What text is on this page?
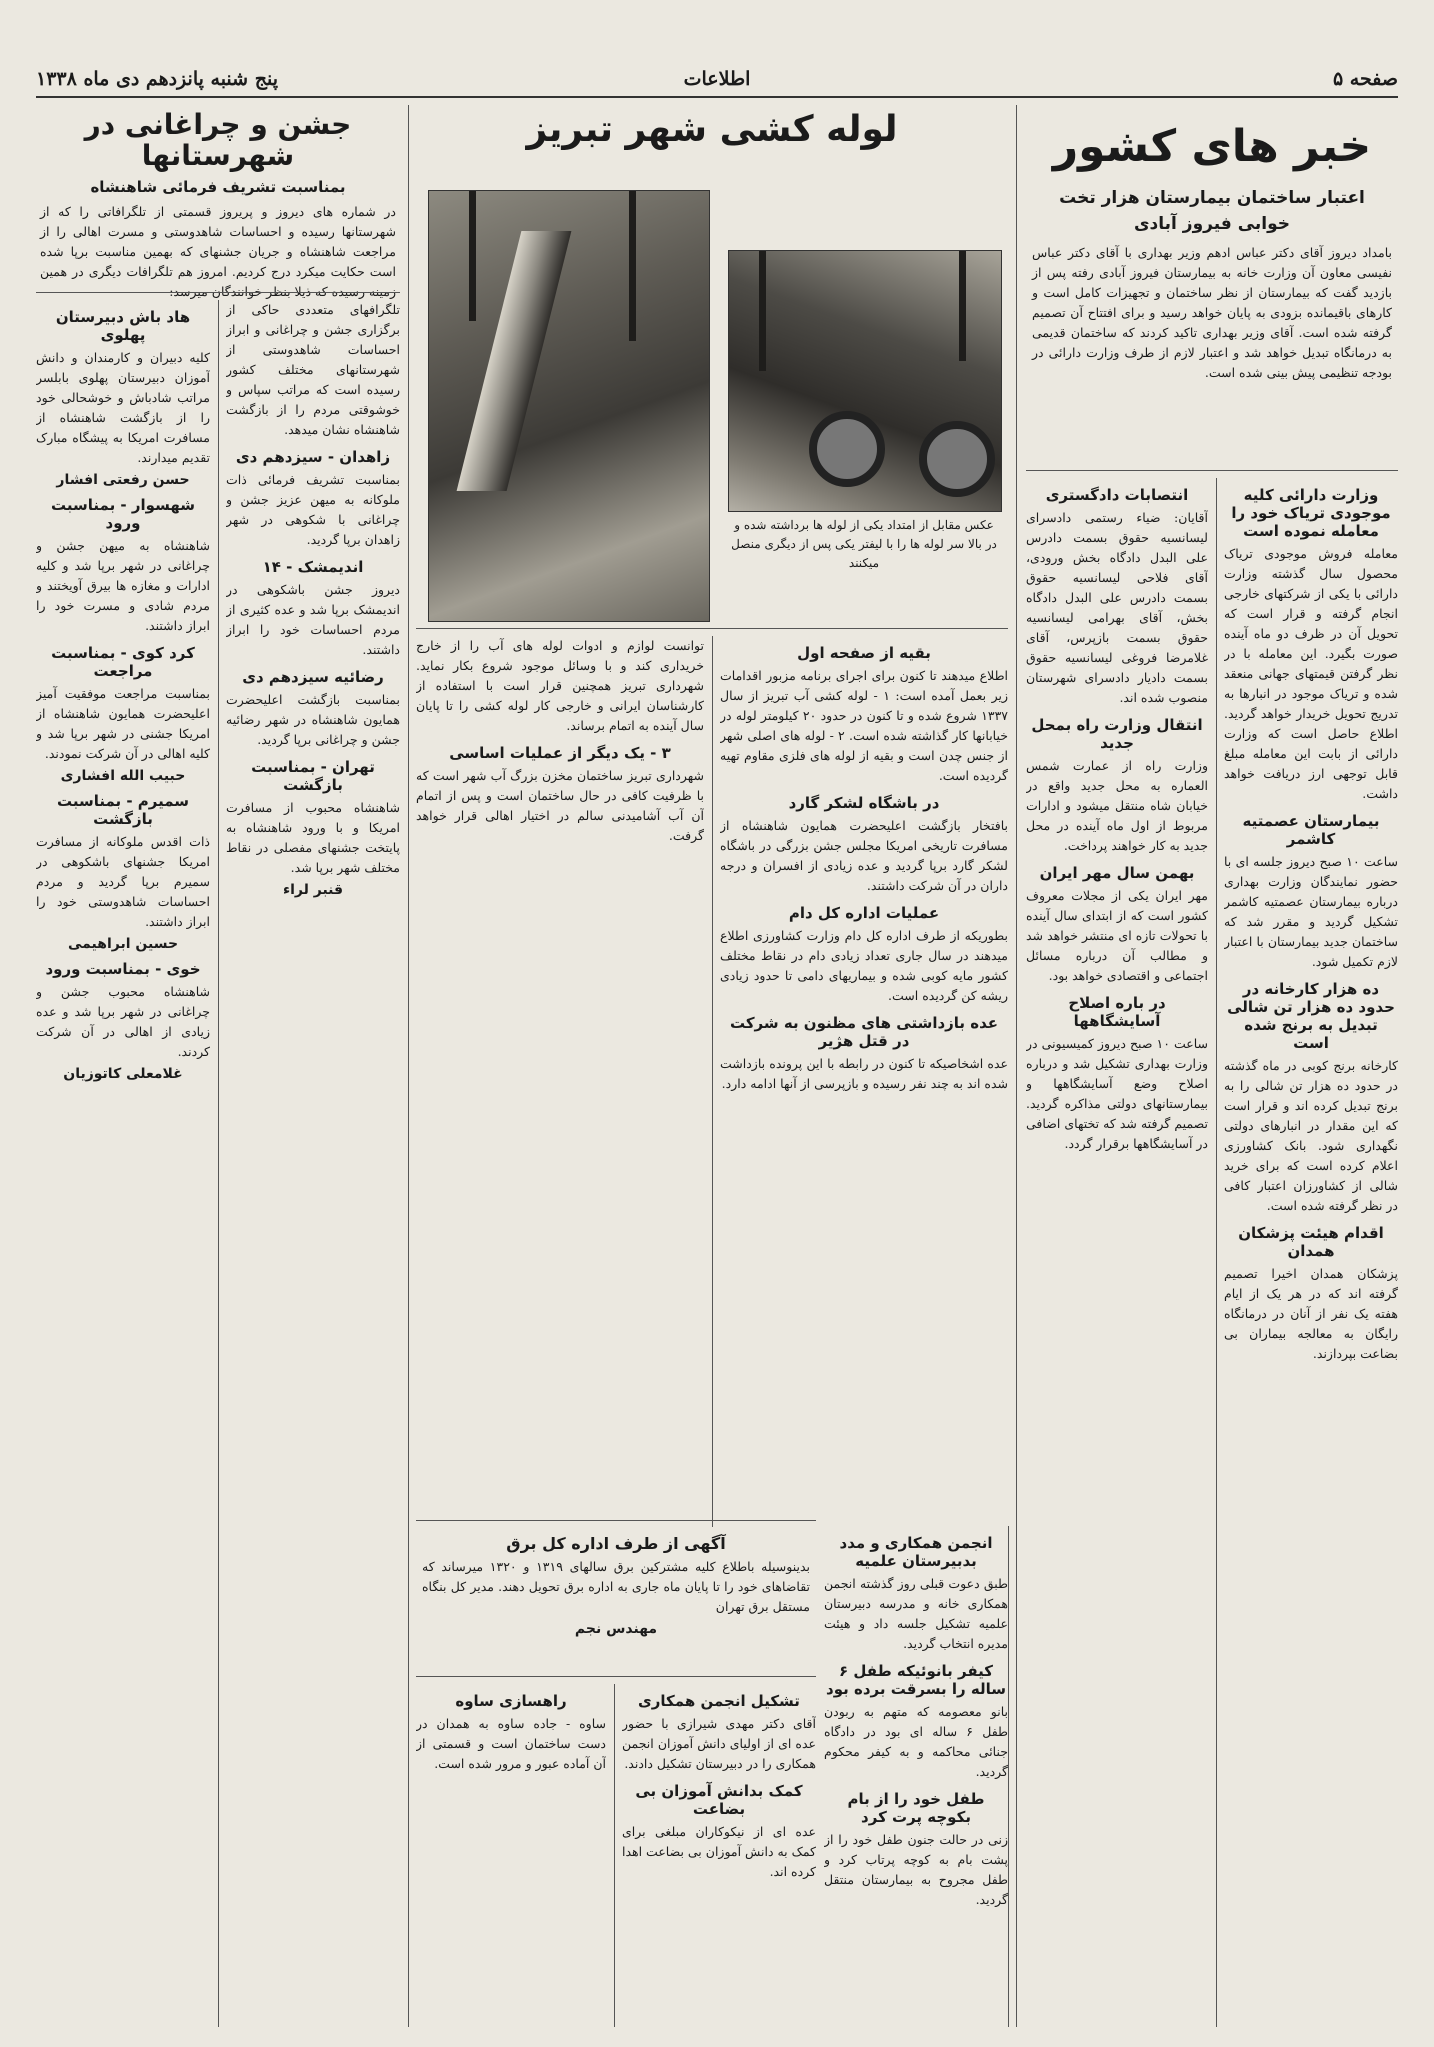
صفحه ۵
اطلاعات
پنج شنبه پانزدهم دی ماه ۱۳۳۸
خبر های کشور
اعتبار ساختمان بیمارستان هزار تخت خوابی فیروز آبادی
بامداد دیروز آقای دکتر عباس ادهم وزیر بهداری با آقای دکتر عباس نفیسی معاون آن وزارت خانه به بیمارستان فیروز آبادی رفته پس از بازدید گفت که بیمارستان از نظر ساختمان و تجهیزات کامل است و کارهای باقیمانده بزودی به پایان خواهد رسید و برای افتتاح آن تصمیم گرفته شده است. آقای وزیر بهداری تاکید کردند که ساختمان قدیمی به درمانگاه تبدیل خواهد شد و اعتبار لازم از طرف وزارت دارائی در بودجه تنظیمی پیش بینی شده است.
وزارت دارائی کلیه موجودی تریاک خود را معامله نموده است
معامله فروش موجودی تریاک محصول سال گذشته وزارت دارائی با یکی از شرکتهای خارجی انجام گرفته و قرار است که تحویل آن در ظرف دو ماه آینده صورت بگیرد. این معامله با در نظر گرفتن قیمتهای جهانی منعقد شده و تریاک موجود در انبارها به تدریج تحویل خریدار خواهد گردید. اطلاع حاصل است که وزارت دارائی از بابت این معامله مبلغ قابل توجهی ارز دریافت خواهد داشت.
بیمارستان عصمتیه کاشمر
ساعت ۱۰ صبح دیروز جلسه ای با حضور نمایندگان وزارت بهداری درباره بیمارستان عصمتیه کاشمر تشکیل گردید و مقرر شد که ساختمان جدید بیمارستان با اعتبار لازم تکمیل شود.
ده هزار کارخانه در حدود ده هزار تن شالی تبدیل به برنج شده است
کارخانه برنج کوبی در ماه گذشته در حدود ده هزار تن شالی را به برنج تبدیل کرده اند و قرار است که این مقدار در انبارهای دولتی نگهداری شود. بانک کشاورزی اعلام کرده است که برای خرید شالی از کشاورزان اعتبار کافی در نظر گرفته شده است.
اقدام هیئت پزشکان همدان
پزشکان همدان اخیرا تصمیم گرفته اند که در هر یک از ایام هفته یک نفر از آنان در درمانگاه رایگان به معالجه بیماران بی بضاعت بپردازند.
انتصابات دادگستری
آقایان: ضیاء رستمی دادسرای لیسانسیه حقوق بسمت دادرس علی البدل دادگاه بخش ورودی، آقای فلاحی لیسانسیه حقوق بسمت دادرس علی البدل دادگاه بخش، آقای بهرامی لیسانسیه حقوق بسمت بازپرس، آقای غلامرضا فروغی لیسانسیه حقوق بسمت دادیار دادسرای شهرستان منصوب شده اند.
انتقال وزارت راه بمحل جدید
وزارت راه از عمارت شمس العماره به محل جدید واقع در خیابان شاه منتقل میشود و ادارات مربوط از اول ماه آینده در محل جدید به کار خواهند پرداخت.
بهمن سال مهر ایران
مهر ایران یکی از مجلات معروف کشور است که از ابتدای سال آینده با تحولات تازه ای منتشر خواهد شد و مطالب آن درباره مسائل اجتماعی و اقتصادی خواهد بود.
در باره اصلاح آسایشگاهها
ساعت ۱۰ صبح دیروز کمیسیونی در وزارت بهداری تشکیل شد و درباره اصلاح وضع آسایشگاهها و بیمارستانهای دولتی مذاکره گردید. تصمیم گرفته شد که تختهای اضافی در آسایشگاهها برقرار گردد.
لوله کشی شهر تبریز
عکس مقابل از امتداد یکی از لوله ها برداشته شده و در بالا سر لوله ها را با لیفتر یکی پس از دیگری منصل میکنند
بقیه از صفحه اول
اطلاع میدهند تا کنون برای اجرای برنامه مزبور اقدامات زیر بعمل آمده است: ۱ - لوله کشی آب تبریز از سال ۱۳۳۷ شروع شده و تا کنون در حدود ۲۰ کیلومتر لوله در خیابانها کار گذاشته شده است. ۲ - لوله های اصلی شهر از جنس چدن است و بقیه از لوله های فلزی مقاوم تهیه گردیده است.
در باشگاه لشکر گارد
بافتخار بازگشت اعلیحضرت همایون شاهنشاه از مسافرت تاریخی امریکا مجلس جشن بزرگی در باشگاه لشکر گارد برپا گردید و عده زیادی از افسران و درجه داران در آن شرکت داشتند.
عملیات اداره کل دام
بطوریکه از طرف اداره کل دام وزارت کشاورزی اطلاع میدهند در سال جاری تعداد زیادی دام در نقاط مختلف کشور مایه کوبی شده و بیماریهای دامی تا حدود زیادی ریشه کن گردیده است.
عده بازداشتی های مظنون به شرکت در قتل هژیر
عده اشخاصیکه تا کنون در رابطه با این پرونده بازداشت شده اند به چند نفر رسیده و بازپرسی از آنها ادامه دارد.
توانست لوازم و ادوات لوله های آب را از خارج خریداری کند و با وسائل موجود شروع بکار نماید. شهرداری تبریز همچنین قرار است با استفاده از کارشناسان ایرانی و خارجی کار لوله کشی را تا پایان سال آینده به اتمام برساند.
۳ - یک دیگر از عملیات اساسی
شهرداری تبریز ساختمان مخزن بزرگ آب شهر است که با ظرفیت کافی در حال ساختمان است و پس از اتمام آن آب آشامیدنی سالم در اختیار اهالی قرار خواهد گرفت.
آگهی از طرف اداره کل برق
بدینوسیله باطلاع کلیه مشترکین برق سالهای ۱۳۱۹ و ۱۳۲۰ میرساند که تقاضاهای خود را تا پایان ماه جاری به اداره برق تحویل دهند. مدیر کل بنگاه مستقل برق تهران
مهندس نجم
انجمن همکاری و مدد بدبیرستان علمیه
طبق دعوت قبلی روز گذشته انجمن همکاری خانه و مدرسه دبیرستان علمیه تشکیل جلسه داد و هیئت مدیره انتخاب گردید.
کیفر بانوئیکه طفل ۶ ساله را بسرقت برده بود
بانو معصومه که متهم به ربودن طفل ۶ ساله ای بود در دادگاه جنائی محاکمه و به کیفر محکوم گردید.
طفل خود را از بام بکوچه پرت کرد
زنی در حالت جنون طفل خود را از پشت بام به کوچه پرتاب کرد و طفل مجروح به بیمارستان منتقل گردید.
تشکیل انجمن همکاری
آقای دکتر مهدی شیرازی با حضور عده ای از اولیای دانش آموزان انجمن همکاری را در دبیرستان تشکیل دادند.
کمک بدانش آموزان بی بضاعت
عده ای از نیکوکاران مبلغی برای کمک به دانش آموزان بی بضاعت اهدا کرده اند.
راهسازی ساوه
ساوه - جاده ساوه به همدان در دست ساختمان است و قسمتی از آن آماده عبور و مرور شده است.
جشن و چراغانی در شهرستانها
بمناسبت تشریف فرمائی شاهنشاه
در شماره های دیروز و پریروز قسمتی از تلگرافاتی را که از شهرستانها رسیده و احساسات شاهدوستی و مسرت اهالی را از مراجعت شاهنشاه و جریان جشنهای که بهمین مناسبت برپا شده است حکایت میکرد درج کردیم. امروز هم تلگرافات دیگری در همین
تلگرافهای متعددی حاکی از برگزاری جشن و چراغانی و ابراز احساسات شاهدوستی از شهرستانهای مختلف کشور رسیده است که مراتب سپاس و خوشوقتی مردم را از بازگشت شاهنشاه نشان میدهد.
زاهدان - سیزدهم دی
بمناسبت تشریف فرمائی ذات ملوکانه به میهن عزیز جشن و چراغانی با شکوهی در شهر زاهدان برپا گردید.
اندیمشک - ۱۴
دیروز جشن باشکوهی در اندیمشک برپا شد و عده کثیری از مردم احساسات خود را ابراز داشتند.
رضائیه سیزدهم دی
بمناسبت بازگشت اعلیحضرت همایون شاهنشاه در شهر رضائیه جشن و چراغانی برپا گردید.
تهران - بمناسبت بازگشت
شاهنشاه محبوب از مسافرت امریکا و با ورود شاهنشاه به پایتخت جشنهای مفصلی در نقاط مختلف شهر برپا شد.
قنبر لراء
هاد باش دبیرستان پهلوی
کلیه دبیران و کارمندان و دانش آموزان دبیرستان پهلوی بابلسر مراتب شادباش و خوشحالی خود را از بازگشت شاهنشاه از مسافرت امریکا به پیشگاه مبارک تقدیم میدارند.
حسن رفعتی افشار
شهسوار - بمناسبت ورود
شاهنشاه به میهن جشن و چراغانی در شهر برپا شد و کلیه ادارات و مغازه ها بیرق آویختند و مردم شادی و مسرت خود را ابراز داشتند.
کرد کوی - بمناسبت مراجعت
بمناسبت مراجعت موفقیت آمیز اعلیحضرت همایون شاهنشاه از امریکا جشنی در شهر برپا شد و کلیه اهالی در آن شرکت نمودند.
حبیب الله افشاری
سمیرم - بمناسبت بازگشت
ذات اقدس ملوکانه از مسافرت امریکا جشنهای باشکوهی در سمیرم برپا گردید و مردم احساسات شاهدوستی خود را ابراز داشتند.
حسین ابراهیمی
خوی - بمناسبت ورود
شاهنشاه محبوب جشن و چراغانی در شهر برپا شد و عده زیادی از اهالی در آن شرکت کردند.
غلامعلی کاتوزیان
